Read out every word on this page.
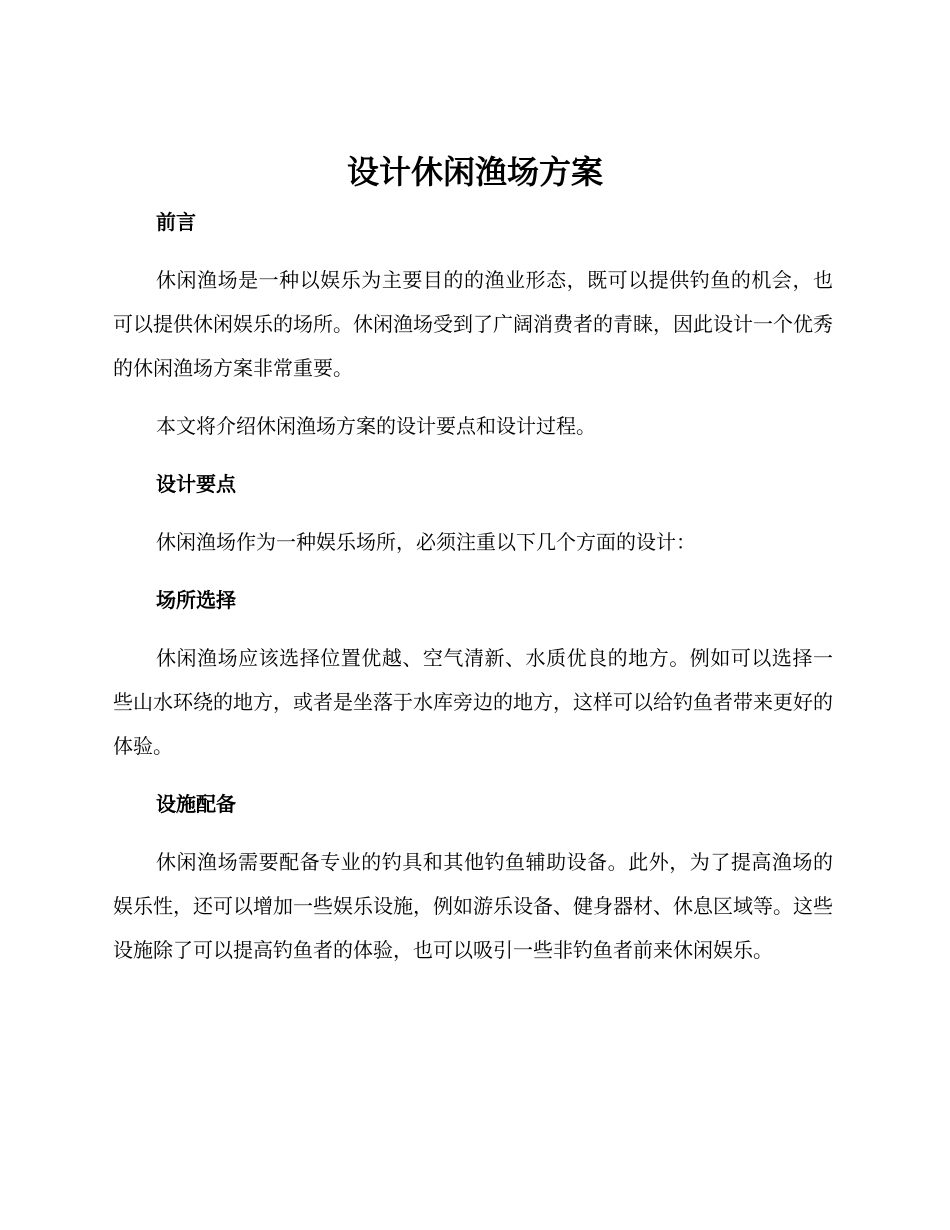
设计休闲渔场方案

前言

休闲渔场是一种以娱乐为主要目的的渔业形态，既可以提供钓鱼的机会，也可以提供休闲娱乐的场所。休闲渔场受到了广阔消费者的青睐，因此设计一个优秀的休闲渔场方案非常重要。

本文将介绍休闲渔场方案的设计要点和设计过程。

设计要点

休闲渔场作为一种娱乐场所，必须注重以下几个方面的设计：

场所选择

休闲渔场应该选择位置优越、空气清新、水质优良的地方。例如可以选择一些山水环绕的地方，或者是坐落于水库旁边的地方，这样可以给钓鱼者带来更好的体验。

设施配备

休闲渔场需要配备专业的钓具和其他钓鱼辅助设备。此外，为了提高渔场的娱乐性，还可以增加一些娱乐设施，例如游乐设备、健身器材、休息区域等。这些设施除了可以提高钓鱼者的体验，也可以吸引一些非钓鱼者前来休闲娱乐。
